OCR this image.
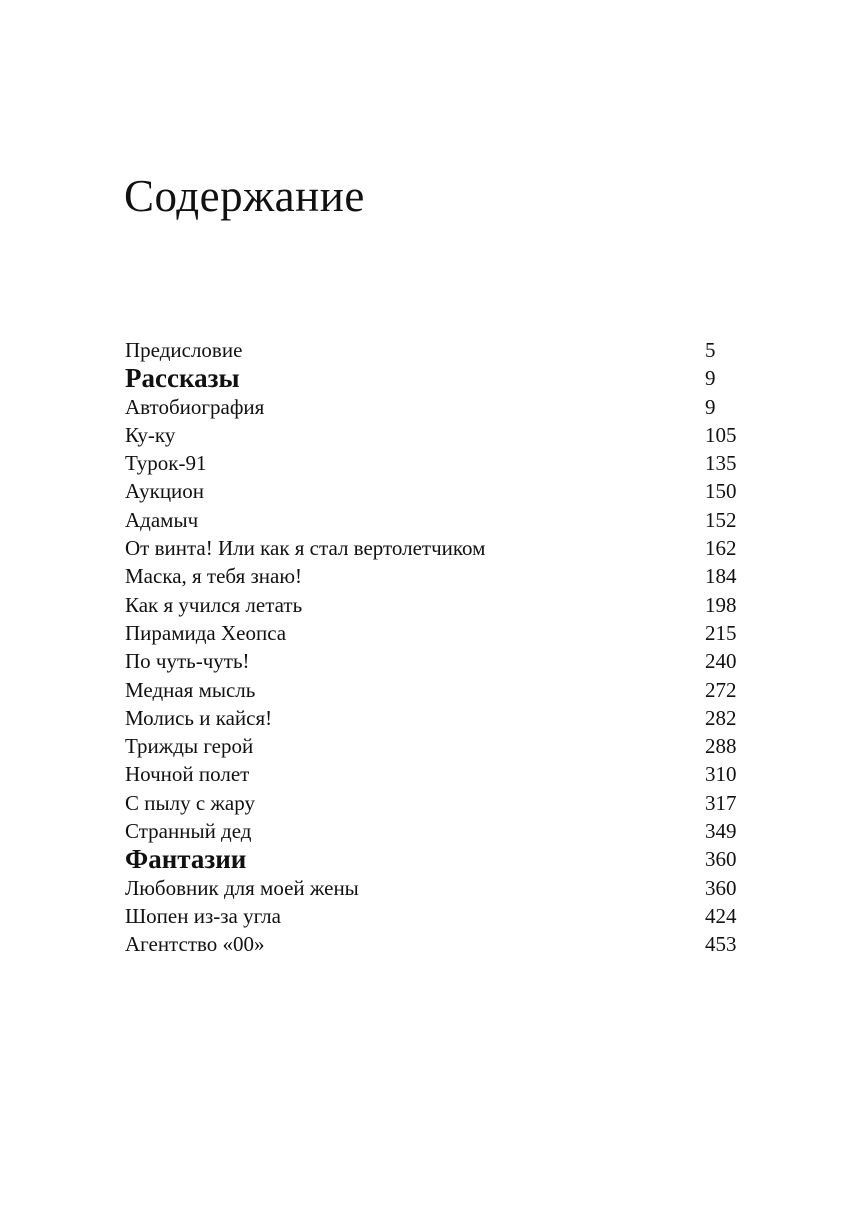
Содержание
Предисловие	5
Рассказы	9
Автобиография	9
Ку-ку	105
Турок-91	135
Аукцион	150
Адамыч	152
От винта! Или как я стал вертолетчиком	162
Маска, я тебя знаю!	184
Как я учился летать	198
Пирамида Хеопса	215
По чуть-чуть!	240
Медная мысль	272
Молись и кайся!	282
Трижды герой	288
Ночной полет	310
С пылу с жару	317
Странный дед	349
Фантазии	360
Любовник для моей жены	360
Шопен из-за угла	424
Агентство «00»	453
